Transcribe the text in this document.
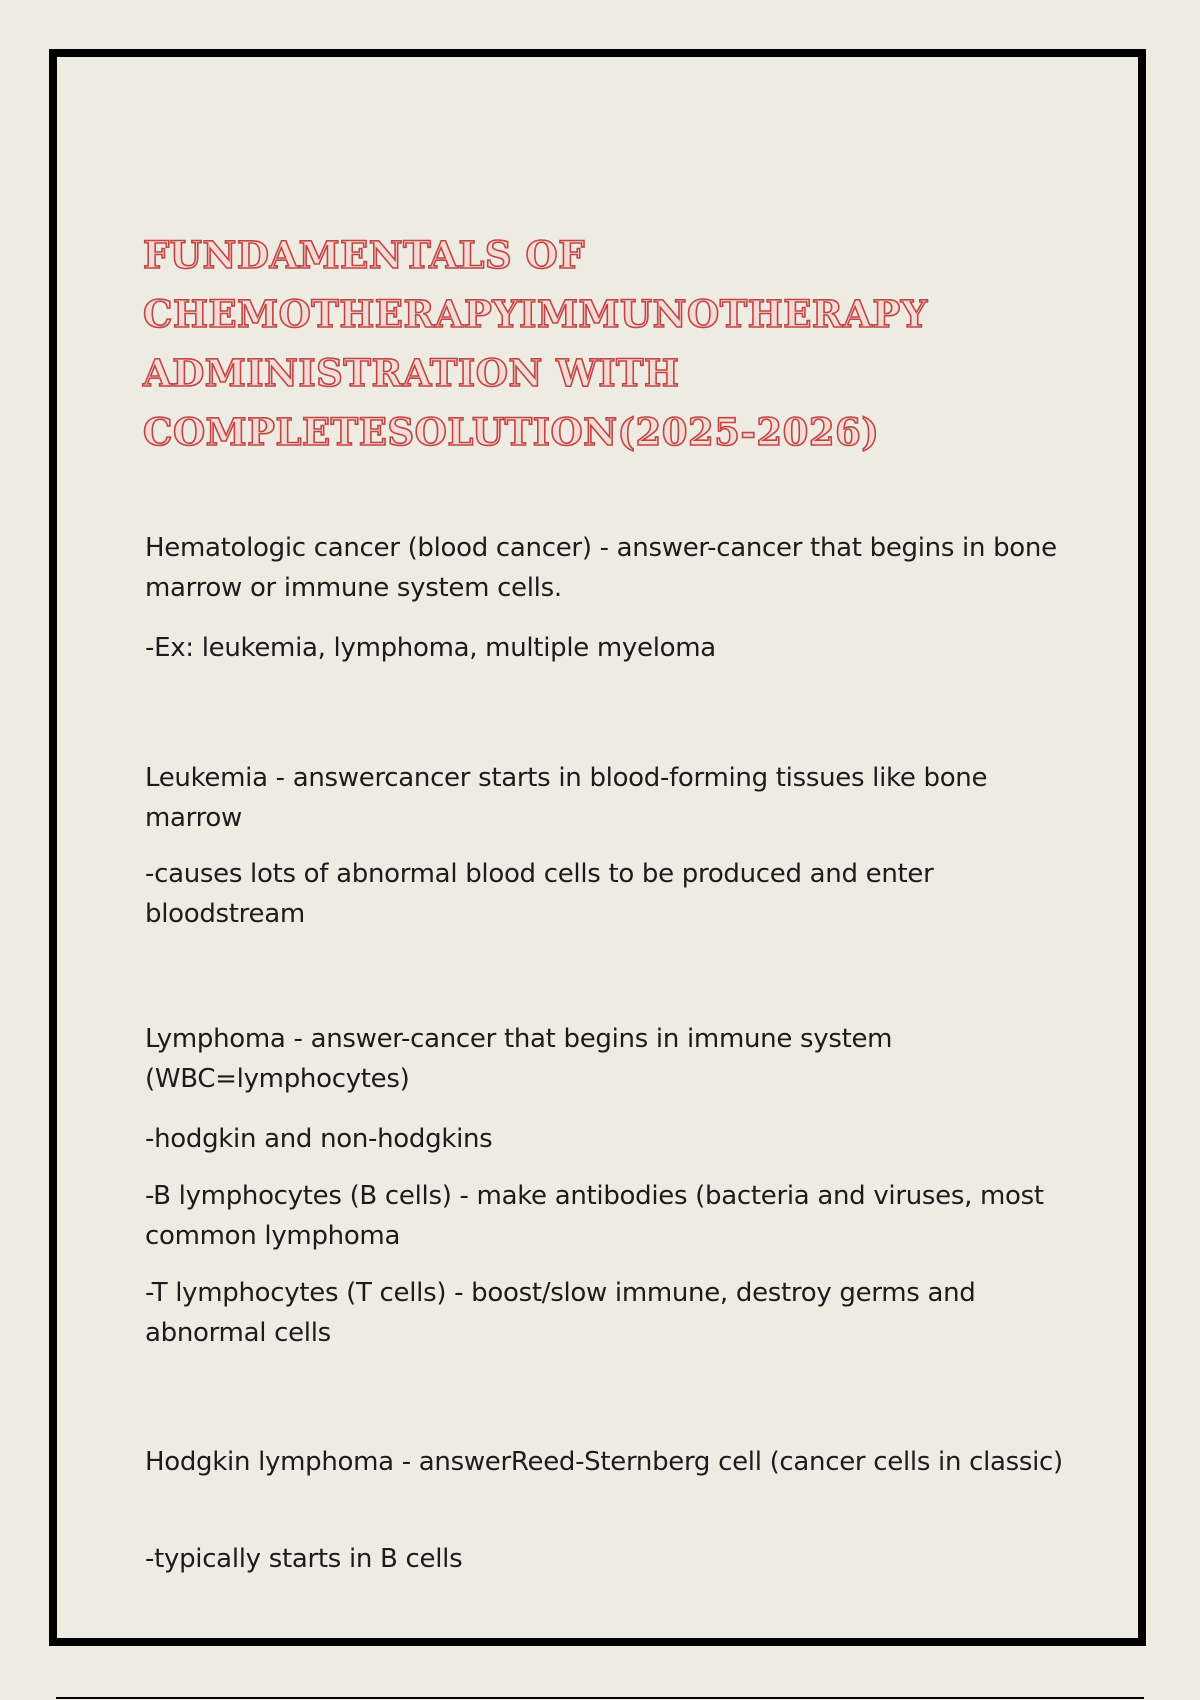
FUNDAMENTALS OF
CHEMOTHERAPYIMMUNOTHERAPY
ADMINISTRATION WITH
COMPLETESOLUTION(2025-2026)

Hematologic cancer (blood cancer) - answer-cancer that begins in bone marrow or immune system cells.

-Ex: leukemia, lymphoma, multiple myeloma

Leukemia - answercancer starts in blood-forming tissues like bone marrow

-causes lots of abnormal blood cells to be produced and enter bloodstream

Lymphoma - answer-cancer that begins in immune system (WBC=lymphocytes)

-hodgkin and non-hodgkins

-B lymphocytes (B cells) - make antibodies (bacteria and viruses, most common lymphoma

-T lymphocytes (T cells) - boost/slow immune, destroy germs and abnormal cells

Hodgkin lymphoma - answerReed-Sternberg cell (cancer cells in classic)

-typically starts in B cells
